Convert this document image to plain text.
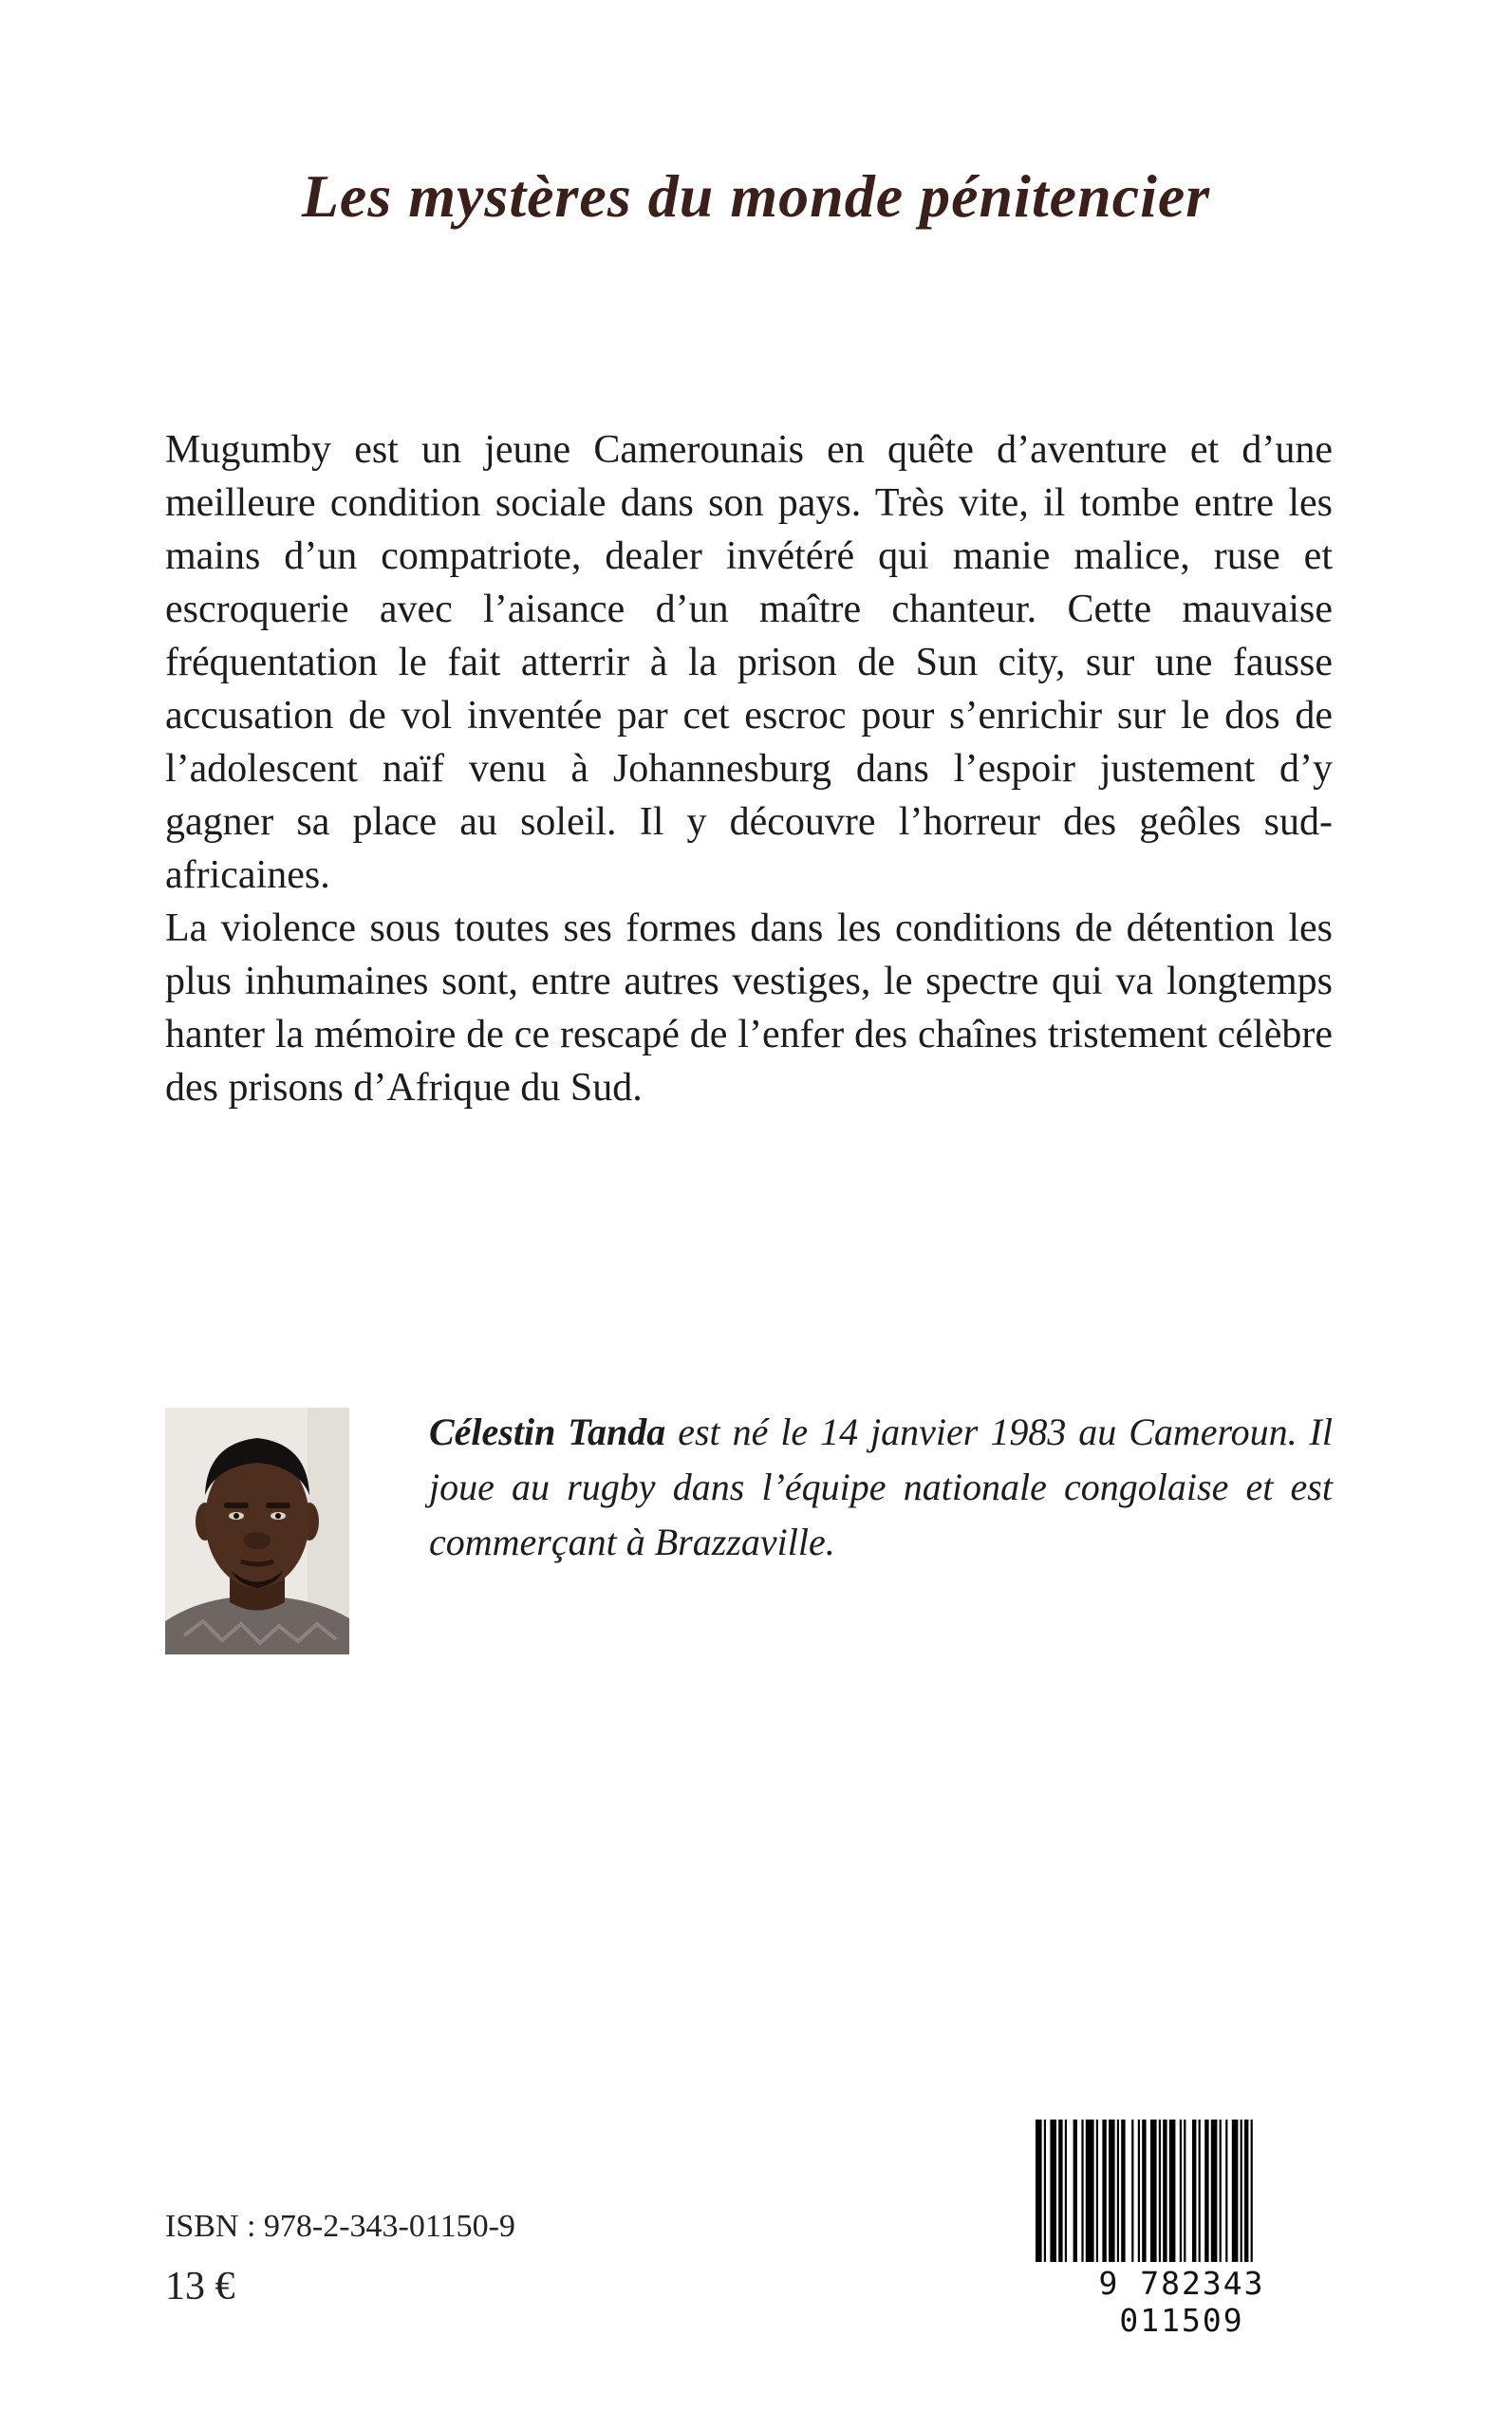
Les mystères du monde pénitencier

Mugumby est un jeune Camerounais en quête d’aventure et d’une meilleure condition sociale dans son pays. Très vite, il tombe entre les mains d’un compatriote, dealer invétéré qui manie malice, ruse et escroquerie avec l’aisance d’un maître chanteur. Cette mauvaise fréquentation le fait atterrir à la prison de Sun city, sur une fausse accusation de vol inventée par cet escroc pour s’enrichir sur le dos de l’adolescent naïf venu à Johannesburg dans l’espoir justement d’y gagner sa place au soleil. Il y découvre l’horreur des geôles sud-africaines.

La violence sous toutes ses formes dans les conditions de détention les plus inhumaines sont, entre autres vestiges, le spectre qui va longtemps hanter la mémoire de ce rescapé de l’enfer des chaînes tristement célèbre des prisons d’Afrique du Sud.

Célestin Tanda est né le 14 janvier 1983 au Cameroun. Il joue au rugby dans l’équipe nationale congolaise et est commerçant à Brazzaville.
ISBN : 978-2-343-01150-9
13 €	9 782343 011509
